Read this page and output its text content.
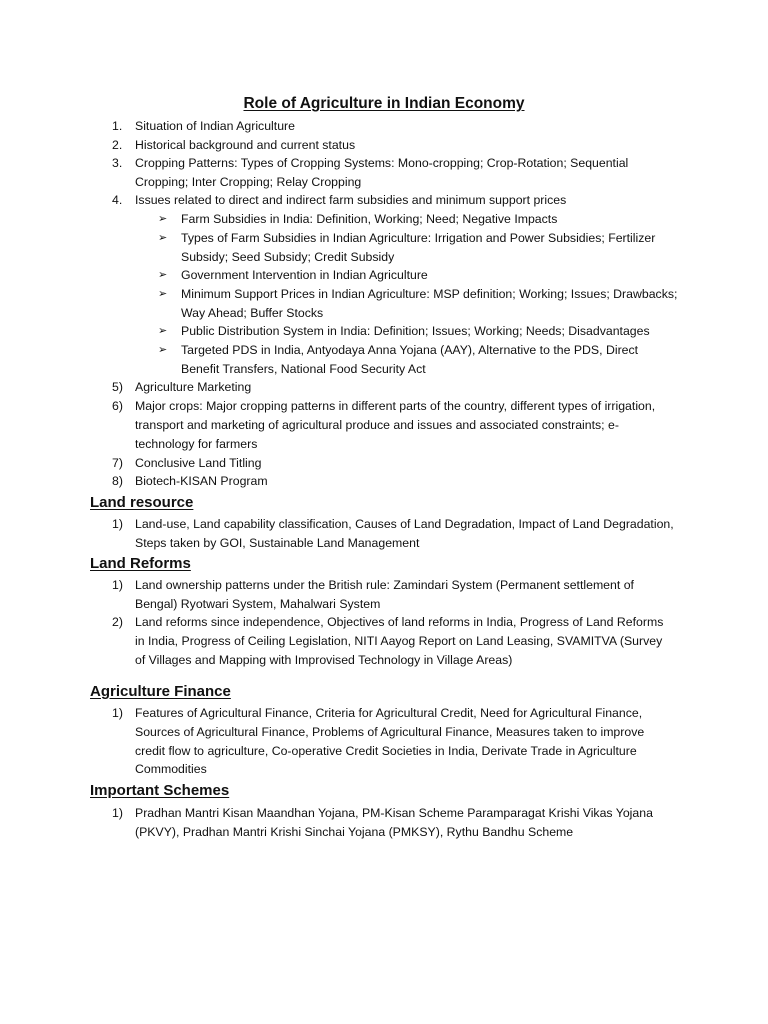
Role of Agriculture in Indian Economy
1.	Situation of Indian Agriculture
2.	Historical background and current status
3.	Cropping Patterns: Types of Cropping Systems: Mono-cropping; Crop-Rotation; Sequential Cropping; Inter Cropping; Relay Cropping
4.	Issues related to direct and indirect farm subsidies and minimum support prices
➢ Farm Subsidies in India: Definition, Working; Need; Negative Impacts
➢ Types of Farm Subsidies in Indian Agriculture: Irrigation and Power Subsidies; Fertilizer Subsidy; Seed Subsidy; Credit Subsidy
➢ Government Intervention in Indian Agriculture
➢ Minimum Support Prices in Indian Agriculture: MSP definition; Working; Issues; Drawbacks; Way Ahead; Buffer Stocks
➢ Public Distribution System in India: Definition; Issues; Working; Needs; Disadvantages
➢ Targeted PDS in India, Antyodaya Anna Yojana (AAY), Alternative to the PDS, Direct Benefit Transfers, National Food Security Act
5) Agriculture Marketing
6) Major crops: Major cropping patterns in different parts of the country, different types of irrigation, transport and marketing of agricultural produce and issues and associated constraints; e-technology for farmers
7) Conclusive Land Titling
8) Biotech-KISAN Program
Land resource
1) Land-use, Land capability classification, Causes of Land Degradation, Impact of Land Degradation, Steps taken by GOI, Sustainable Land Management
Land Reforms
1) Land ownership patterns under the British rule: Zamindari System (Permanent settlement of Bengal) Ryotwari System, Mahalwari System
2) Land reforms since independence, Objectives of land reforms in India, Progress of Land Reforms in India, Progress of Ceiling Legislation, NITI Aayog Report on Land Leasing, SVAMITVA (Survey of Villages and Mapping with Improvised Technology in Village Areas)
Agriculture Finance
1) Features of Agricultural Finance, Criteria for Agricultural Credit, Need for Agricultural Finance, Sources of Agricultural Finance, Problems of Agricultural Finance, Measures taken to improve credit flow to agriculture, Co-operative Credit Societies in India, Derivate Trade in Agriculture Commodities
Important Schemes
1) Pradhan Mantri Kisan Maandhan Yojana, PM-Kisan Scheme Paramparagat Krishi Vikas Yojana (PKVY), Pradhan Mantri Krishi Sinchai Yojana (PMKSY), Rythu Bandhu Scheme
